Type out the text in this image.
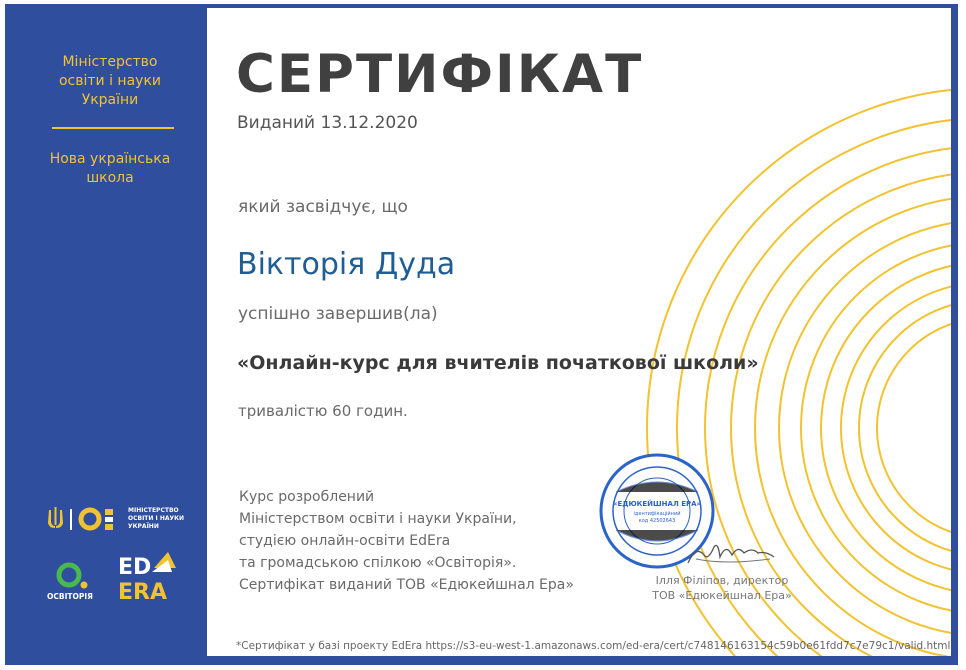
Міністерство
освіти і науки
України
Нова українська
школа
МІНІСТЕРСТВО
ОСВІТИ І НАУКИ
УКРАЇНИ
ОСВІТОРІЯ
ED
ERA
СЕРТИФІКАТ
Виданий 13.12.2020
який засвідчує, що
Вікторія Дуда
успішно завершив(ла)
«Онлайн-курс для вчителів початкової школи»
тривалістю 60 годин.
Курс розроблений
Міністерством освіти і науки України,
студією онлайн-освіти EdEra
та громадською спілкою «Освіторія».
Сертифікат виданий ТОВ «Едюкейшнал Ера»
«ЕДЮКЕЙШНАЛ ЕРА»
ідентифікаційний
код 42502643
Ілля Філіпов, директор
ТОВ «Едюкейшнал Ера»
*Сертифікат у базі проекту EdEra https://s3-eu-west-1.amazonaws.com/ed-era/cert/c748146163154c59b0e61fdd7c7e79c1/valid.html
